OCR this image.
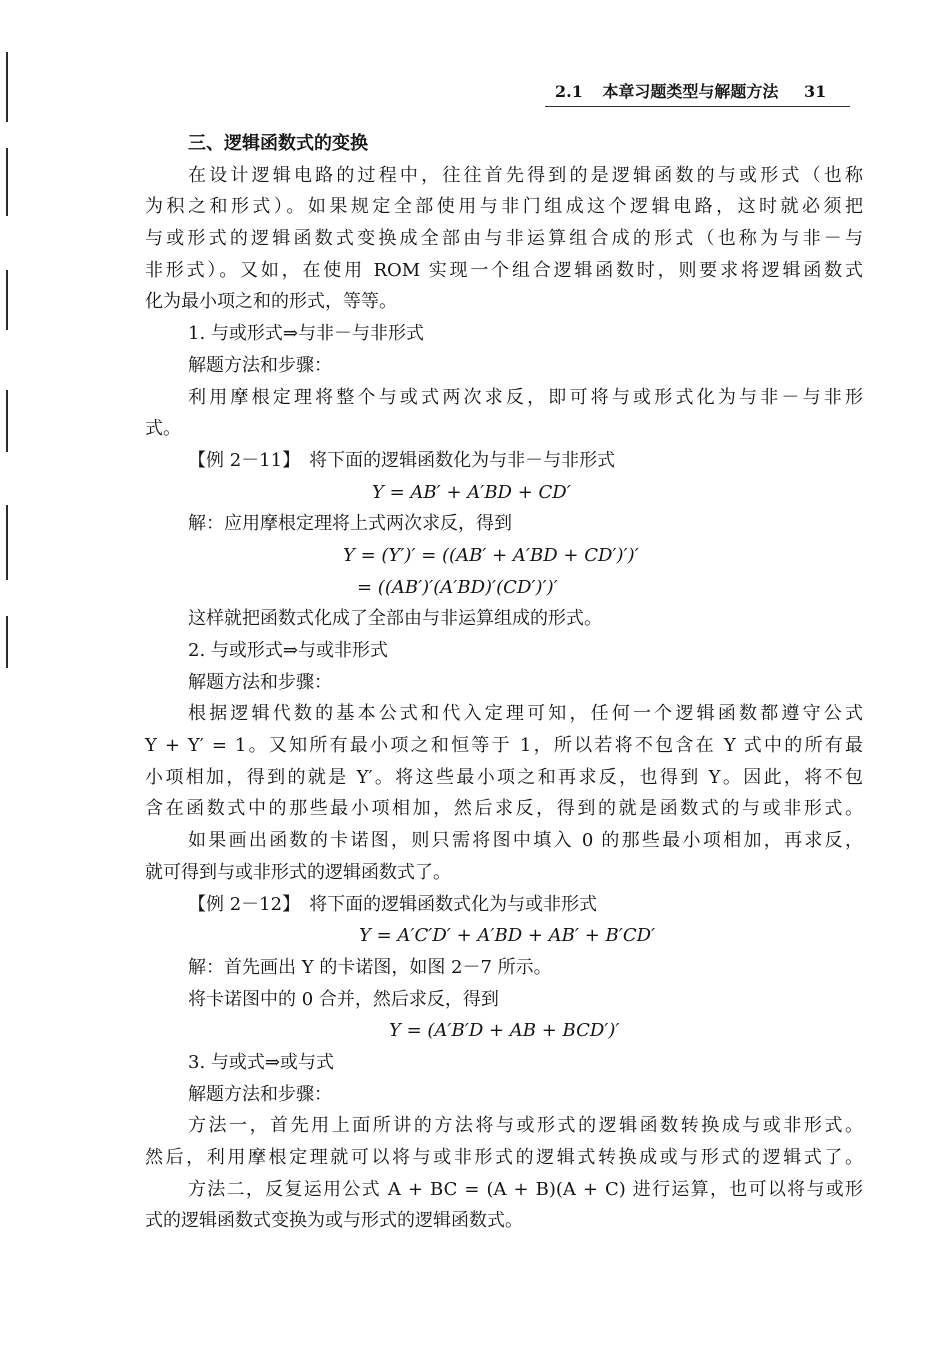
2.1 本章习题类型与解题方法 31
三、逻辑函数式的变换
在设计逻辑电路的过程中，往往首先得到的是逻辑函数的与或形式（也称
为积之和形式）。如果规定全部使用与非门组成这个逻辑电路，这时就必须把
与或形式的逻辑函数式变换成全部由与非运算组合成的形式（也称为与非－与
非形式）。又如，在使用 ROM 实现一个组合逻辑函数时，则要求将逻辑函数式
化为最小项之和的形式，等等。
1. 与或形式⇒与非－与非形式
解题方法和步骤：
利用摩根定理将整个与或式两次求反，即可将与或形式化为与非－与非形
式。
【例 2－11】　将下面的逻辑函数化为与非－与非形式
Y = AB′ + A′BD + CD′
解：应用摩根定理将上式两次求反，得到
Y = (Y′)′ = ((AB′ + A′BD + CD′)′)′
= ((AB′)′(A′BD)′(CD′)′)′
这样就把函数式化成了全部由与非运算组成的形式。
2. 与或形式⇒与或非形式
解题方法和步骤：
根据逻辑代数的基本公式和代入定理可知，任何一个逻辑函数都遵守公式
Y + Y′ = 1。又知所有最小项之和恒等于 1，所以若将不包含在 Y 式中的所有最
小项相加，得到的就是 Y′。将这些最小项之和再求反，也得到 Y。因此，将不包
含在函数式中的那些最小项相加，然后求反，得到的就是函数式的与或非形式。
如果画出函数的卡诺图，则只需将图中填入 0 的那些最小项相加，再求反，
就可得到与或非形式的逻辑函数式了。
【例 2－12】　将下面的逻辑函数式化为与或非形式
Y = A′C′D′ + A′BD + AB′ + B′CD′
解：首先画出 Y 的卡诺图，如图 2－7 所示。
将卡诺图中的 0 合并，然后求反，得到
Y = (A′B′D + AB + BCD′)′
3. 与或式⇒或与式
解题方法和步骤：
方法一，首先用上面所讲的方法将与或形式的逻辑函数转换成与或非形式。
然后，利用摩根定理就可以将与或非形式的逻辑式转换成或与形式的逻辑式了。
方法二，反复运用公式 A + BC = (A + B)(A + C) 进行运算，也可以将与或形
式的逻辑函数式变换为或与形式的逻辑函数式。
